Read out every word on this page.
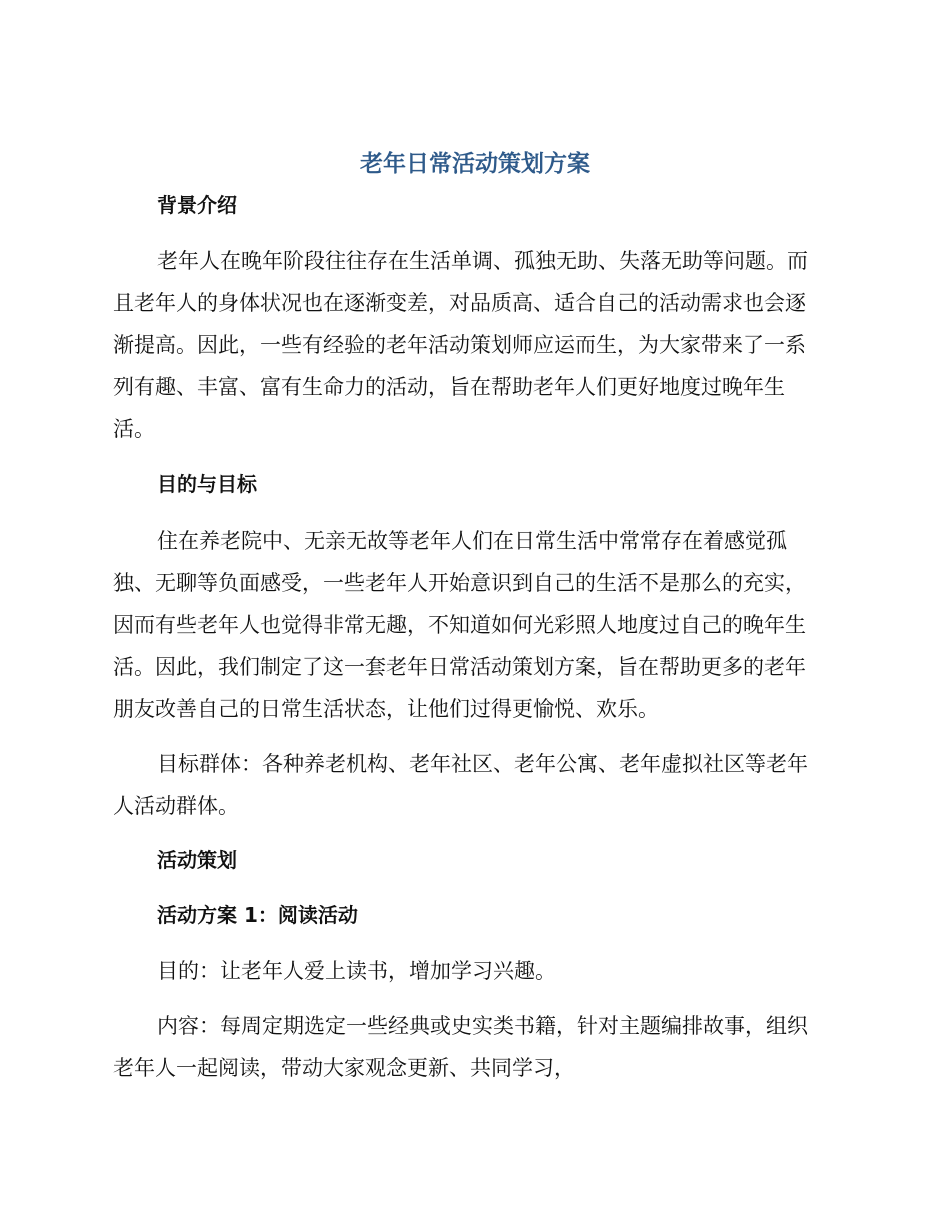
老年日常活动策划方案
背景介绍
老年人在晚年阶段往往存在生活单调、孤独无助、失落无助等问题。而
且老年人的身体状况也在逐渐变差，对品质高、适合自己的活动需求也会逐
渐提高。因此，一些有经验的老年活动策划师应运而生，为大家带来了一系
列有趣、丰富、富有生命力的活动，旨在帮助老年人们更好地度过晚年生
活。
目的与目标
住在养老院中、无亲无故等老年人们在日常生活中常常存在着感觉孤
独、无聊等负面感受，一些老年人开始意识到自己的生活不是那么的充实，
因而有些老年人也觉得非常无趣，不知道如何光彩照人地度过自己的晚年生
活。因此，我们制定了这一套老年日常活动策划方案，旨在帮助更多的老年
朋友改善自己的日常生活状态，让他们过得更愉悦、欢乐。
目标群体：各种养老机构、老年社区、老年公寓、老年虚拟社区等老年
人活动群体。
活动策划
活动方案 1：阅读活动
目的：让老年人爱上读书，增加学习兴趣。
内容：每周定期选定一些经典或史实类书籍，针对主题编排故事，组织
老年人一起阅读，带动大家观念更新、共同学习，
